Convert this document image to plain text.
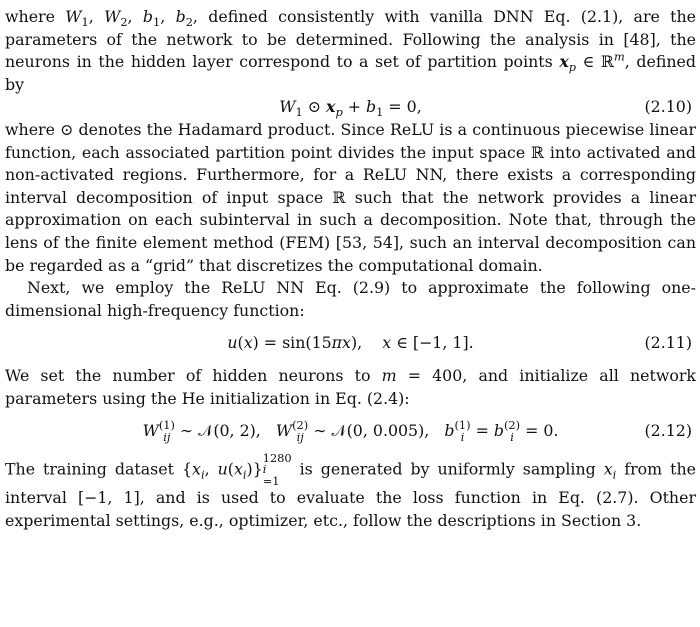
where $W_1$, $W_2$, $b_1$, $b_2$, defined consistently with vanilla DNN Eq. (2.1), are the parameters of the network to be determined. Following the analysis in [48], the neurons in the hidden layer correspond to a set of partition points $x_p$ ∈ ℝ$^m$, defined by

$W_1$ ⊙ $x_p + b_1 = 0$,	(2.10)

where ⊙ denotes the Hadamard product. Since ReLU is a continuous piecewise linear function, each associated partition point divides the input space ℝ into activated and non-activated regions. Furthermore, for a ReLU NN, there exists a corresponding interval decomposition of input space ℝ such that the network provides a linear approximation on each subinterval in such a decomposition. Note that, through the lens of the finite element method (FEM) [53, 54], such an interval decomposition can be regarded as a “grid” that discretizes the computational domain.

Next, we employ the ReLU NN Eq. (2.9) to approximate the following one-dimensional high-frequency function:

u(x) = sin(15πx),    x ∈ [−1, 1].	(2.11)

We set the number of hidden neurons to m = 400, and initialize all network parameters using the He initialization in Eq. (2.4):

W (1)
ij ∼ 𝒩(0, 2),   W (2)
ij ∼ 𝒩(0, 0.005),   b (1)
i = b (2)
i = 0.	(2.12)

The training dataset {$x_i$, $u(x_i)$}
1280
i
=1
is generated by uniformly sampling $x_i$ from the interval [−1, 1], and is used to evaluate the loss function in Eq. (2.7). Other experimental settings, e.g., optimizer, etc., follow the descriptions in Section 3.
